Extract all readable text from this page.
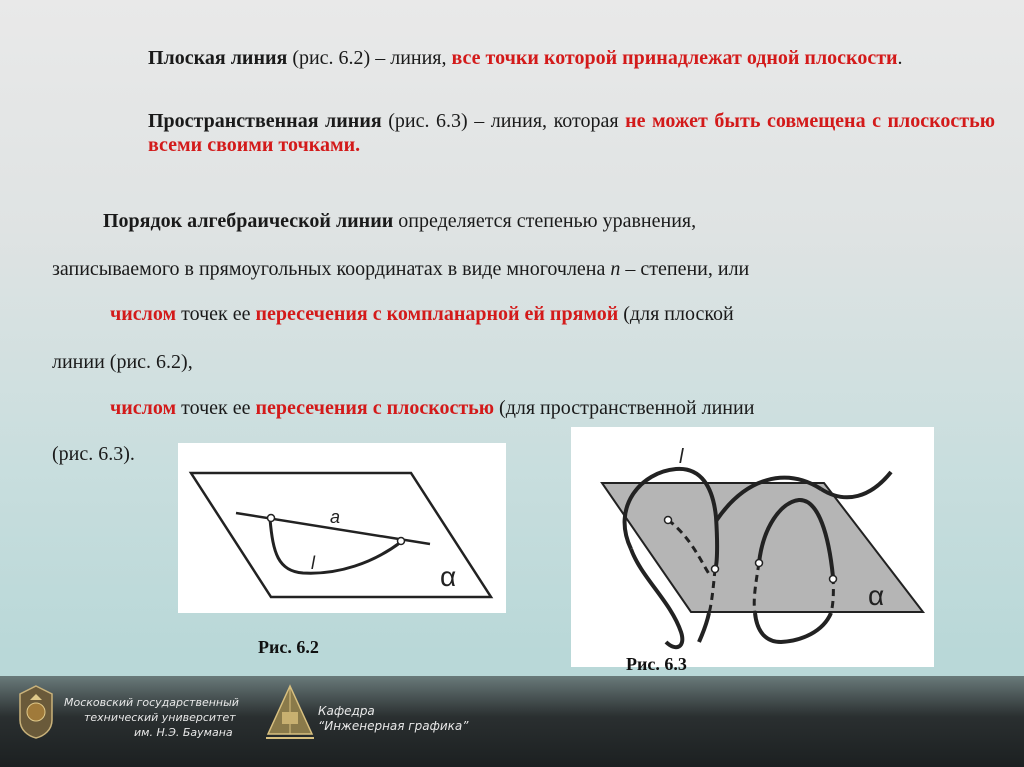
Плоская линия (рис. 6.2) – линия, все точки которой принадлежат одной плоскости.
Пространственная линия (рис. 6.3) – линия, которая не может быть совмещена с плоскостью всеми своими точками.
Порядок алгебраической линии определяется степенью уравнения,
записываемого в прямоугольных координатах в виде многочлена n – степени, или
числом точек ее пересечения с компланарной ей прямой (для плоской
линии (рис. 6.2),
числом точек ее пересечения с плоскостью (для пространственной линии
(рис. 6.3).
a
l	α
Рис. 6.2
l
α
Рис. 6.3
Московский государственный
технический университет
им. Н.Э. Баумана
Кафедра
“Инженерная графика”
